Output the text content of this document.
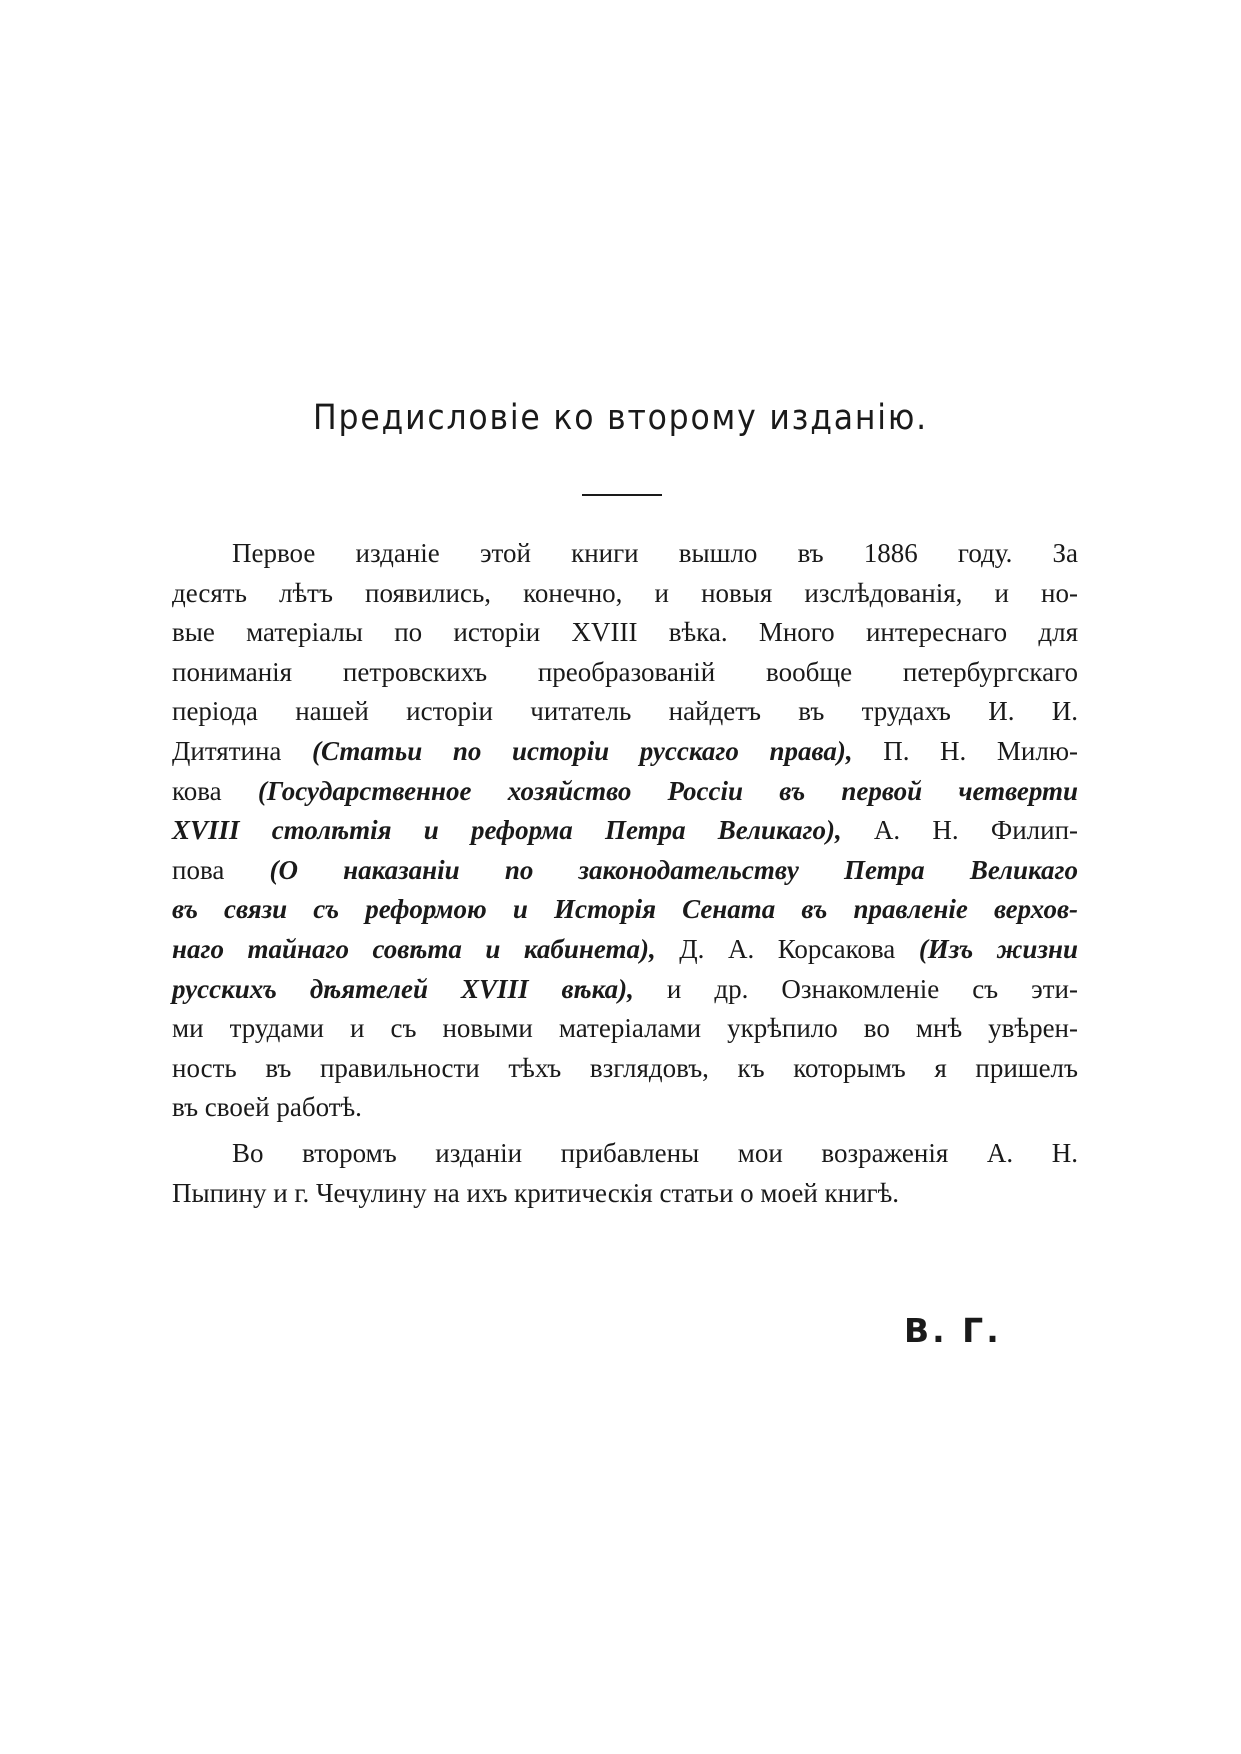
Предисловіе ко второму изданію.
Первое изданіе этой книги вышло въ 1886 году. За
десять лѣтъ появились, конечно, и новыя изслѣдованія, и но-
вые матеріалы по исторіи XVIII вѣка. Много интереснаго для
пониманія петровскихъ преобразованій вообще петербургскаго
періода нашей исторіи читатель найдетъ въ трудахъ И. И.
Дитятина (Статьи по исторіи русскаго права), П. Н. Милю-
кова (Государственное хозяйство Россіи въ первой четверти
XVIII столѣтія и реформа Петра Великаго), А. Н. Филип-
пова (О наказаніи по законодательству Петра Великаго
въ связи съ реформою и Исторія Сената въ правленіе верхов-
наго тайнаго совѣта и кабинета), Д. А. Корсакова (Изъ жизни
русскихъ дѣятелей XVIII вѣка), и др. Ознакомленіе съ эти-
ми трудами и съ новыми матеріалами укрѣпило во мнѣ увѣрен-
ность въ правильности тѣхъ взглядовъ, къ которымъ я пришелъ
въ своей работѣ.
Во второмъ изданіи прибавлены мои возраженія А. Н.
Пыпину и г. Чечулину на ихъ критическія статьи о моей книгѣ.
В. Г.
